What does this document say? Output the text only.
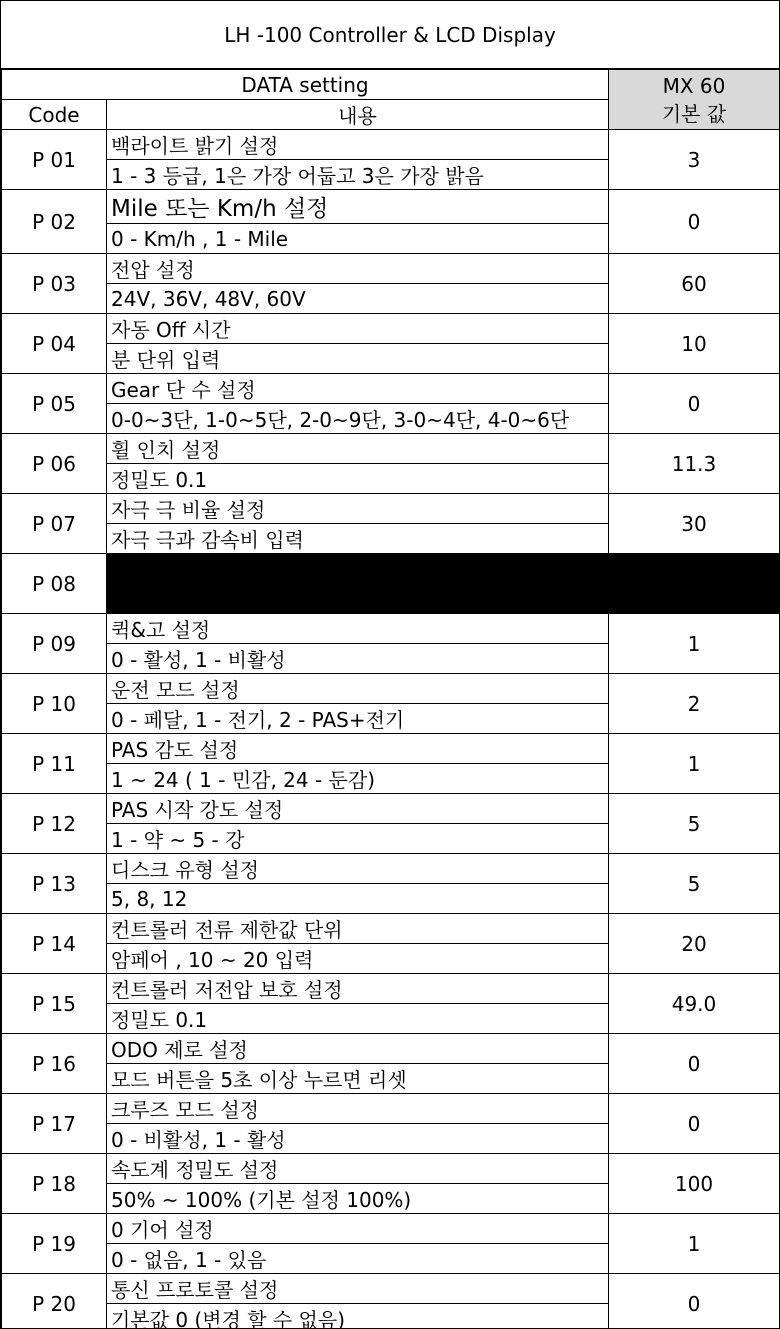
LH -100 Controller & LCD Display
DATA setting		MX 60
기본 값

Code	내용	
P 01	백라이트 밝기 설정	3
	1 - 3 등급, 1은 가장 어둡고 3은 가장 밝음	
P 02	Mile 또는 Km/h 설정	0
	0 - Km/h , 1 - Mile	
P 03	전압 설정	60
	24V, 36V, 48V, 60V	
P 04	자동 Off 시간	10
	분 단위 입력	
P 05	Gear 단 수 설정	0
	0-0~3단, 1-0~5단, 2-0~9단, 3-0~4단, 4-0~6단	
P 06	휠 인치 설정	11.3
	정밀도 0.1	
P 07	자극 극 비율 설정	30
	자극 극과 감속비 입력	
P 08		

P 09	퀵&고 설정	1
	0 - 활성, 1 - 비활성	
P 10	운전 모드 설정	2
	0 - 페달, 1 - 전기, 2 - PAS+전기	
P 11	PAS 감도 설정	1
	1 ~ 24 ( 1 - 민감, 24 - 둔감)	
P 12	PAS 시작 강도 설정	5
	1 - 약 ~ 5 - 강	
P 13	디스크 유형 설정	5
	5, 8, 12	
P 14	컨트롤러 전류 제한값 단위	20
	암페어 , 10 ~ 20 입력	
P 15	컨트롤러 저전압 보호 설정	49.0
	정밀도 0.1	
P 16	ODO 제로 설정	0
	모드 버튼을 5초 이상 누르면 리셋	
P 17	크루즈 모드 설정	0
	0 - 비활성, 1 - 활성	
P 18	속도계 정밀도 설정	100
	50% ~ 100% (기본 설정 100%)	
P 19	0 기어 설정	1
	0 - 없음, 1 - 있음	
P 20	통신 프로토콜 설정	0
	기본값 0 (변경 할 수 없음)	
